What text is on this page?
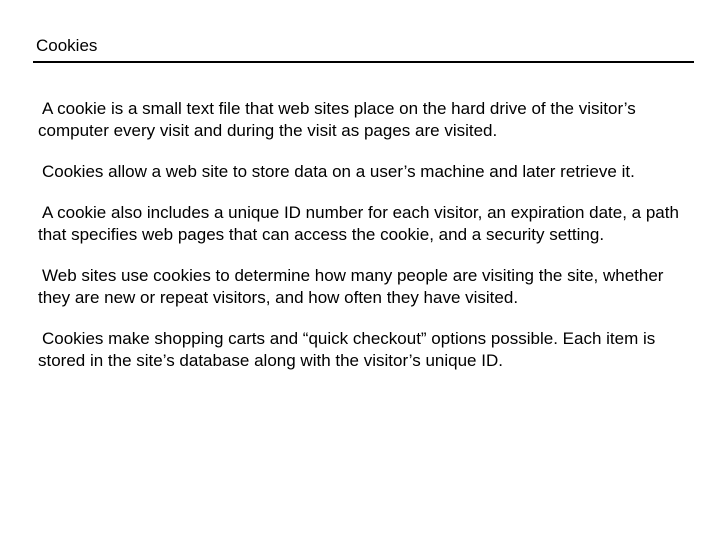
Cookies

A cookie is a small text file that web sites place on the hard drive of the visitor’s computer every visit and during the visit as pages are visited.

Cookies allow a web site to store data on a user’s machine and later retrieve it.

A cookie also includes a unique ID number for each visitor, an expiration date, a path that specifies web pages that can access the cookie, and a security setting.

Web sites use cookies to determine how many people are visiting the site, whether they are new or repeat visitors, and how often they have visited.

Cookies make shopping carts and “quick checkout” options possible. Each item is stored in the site’s database along with the visitor’s unique ID.
